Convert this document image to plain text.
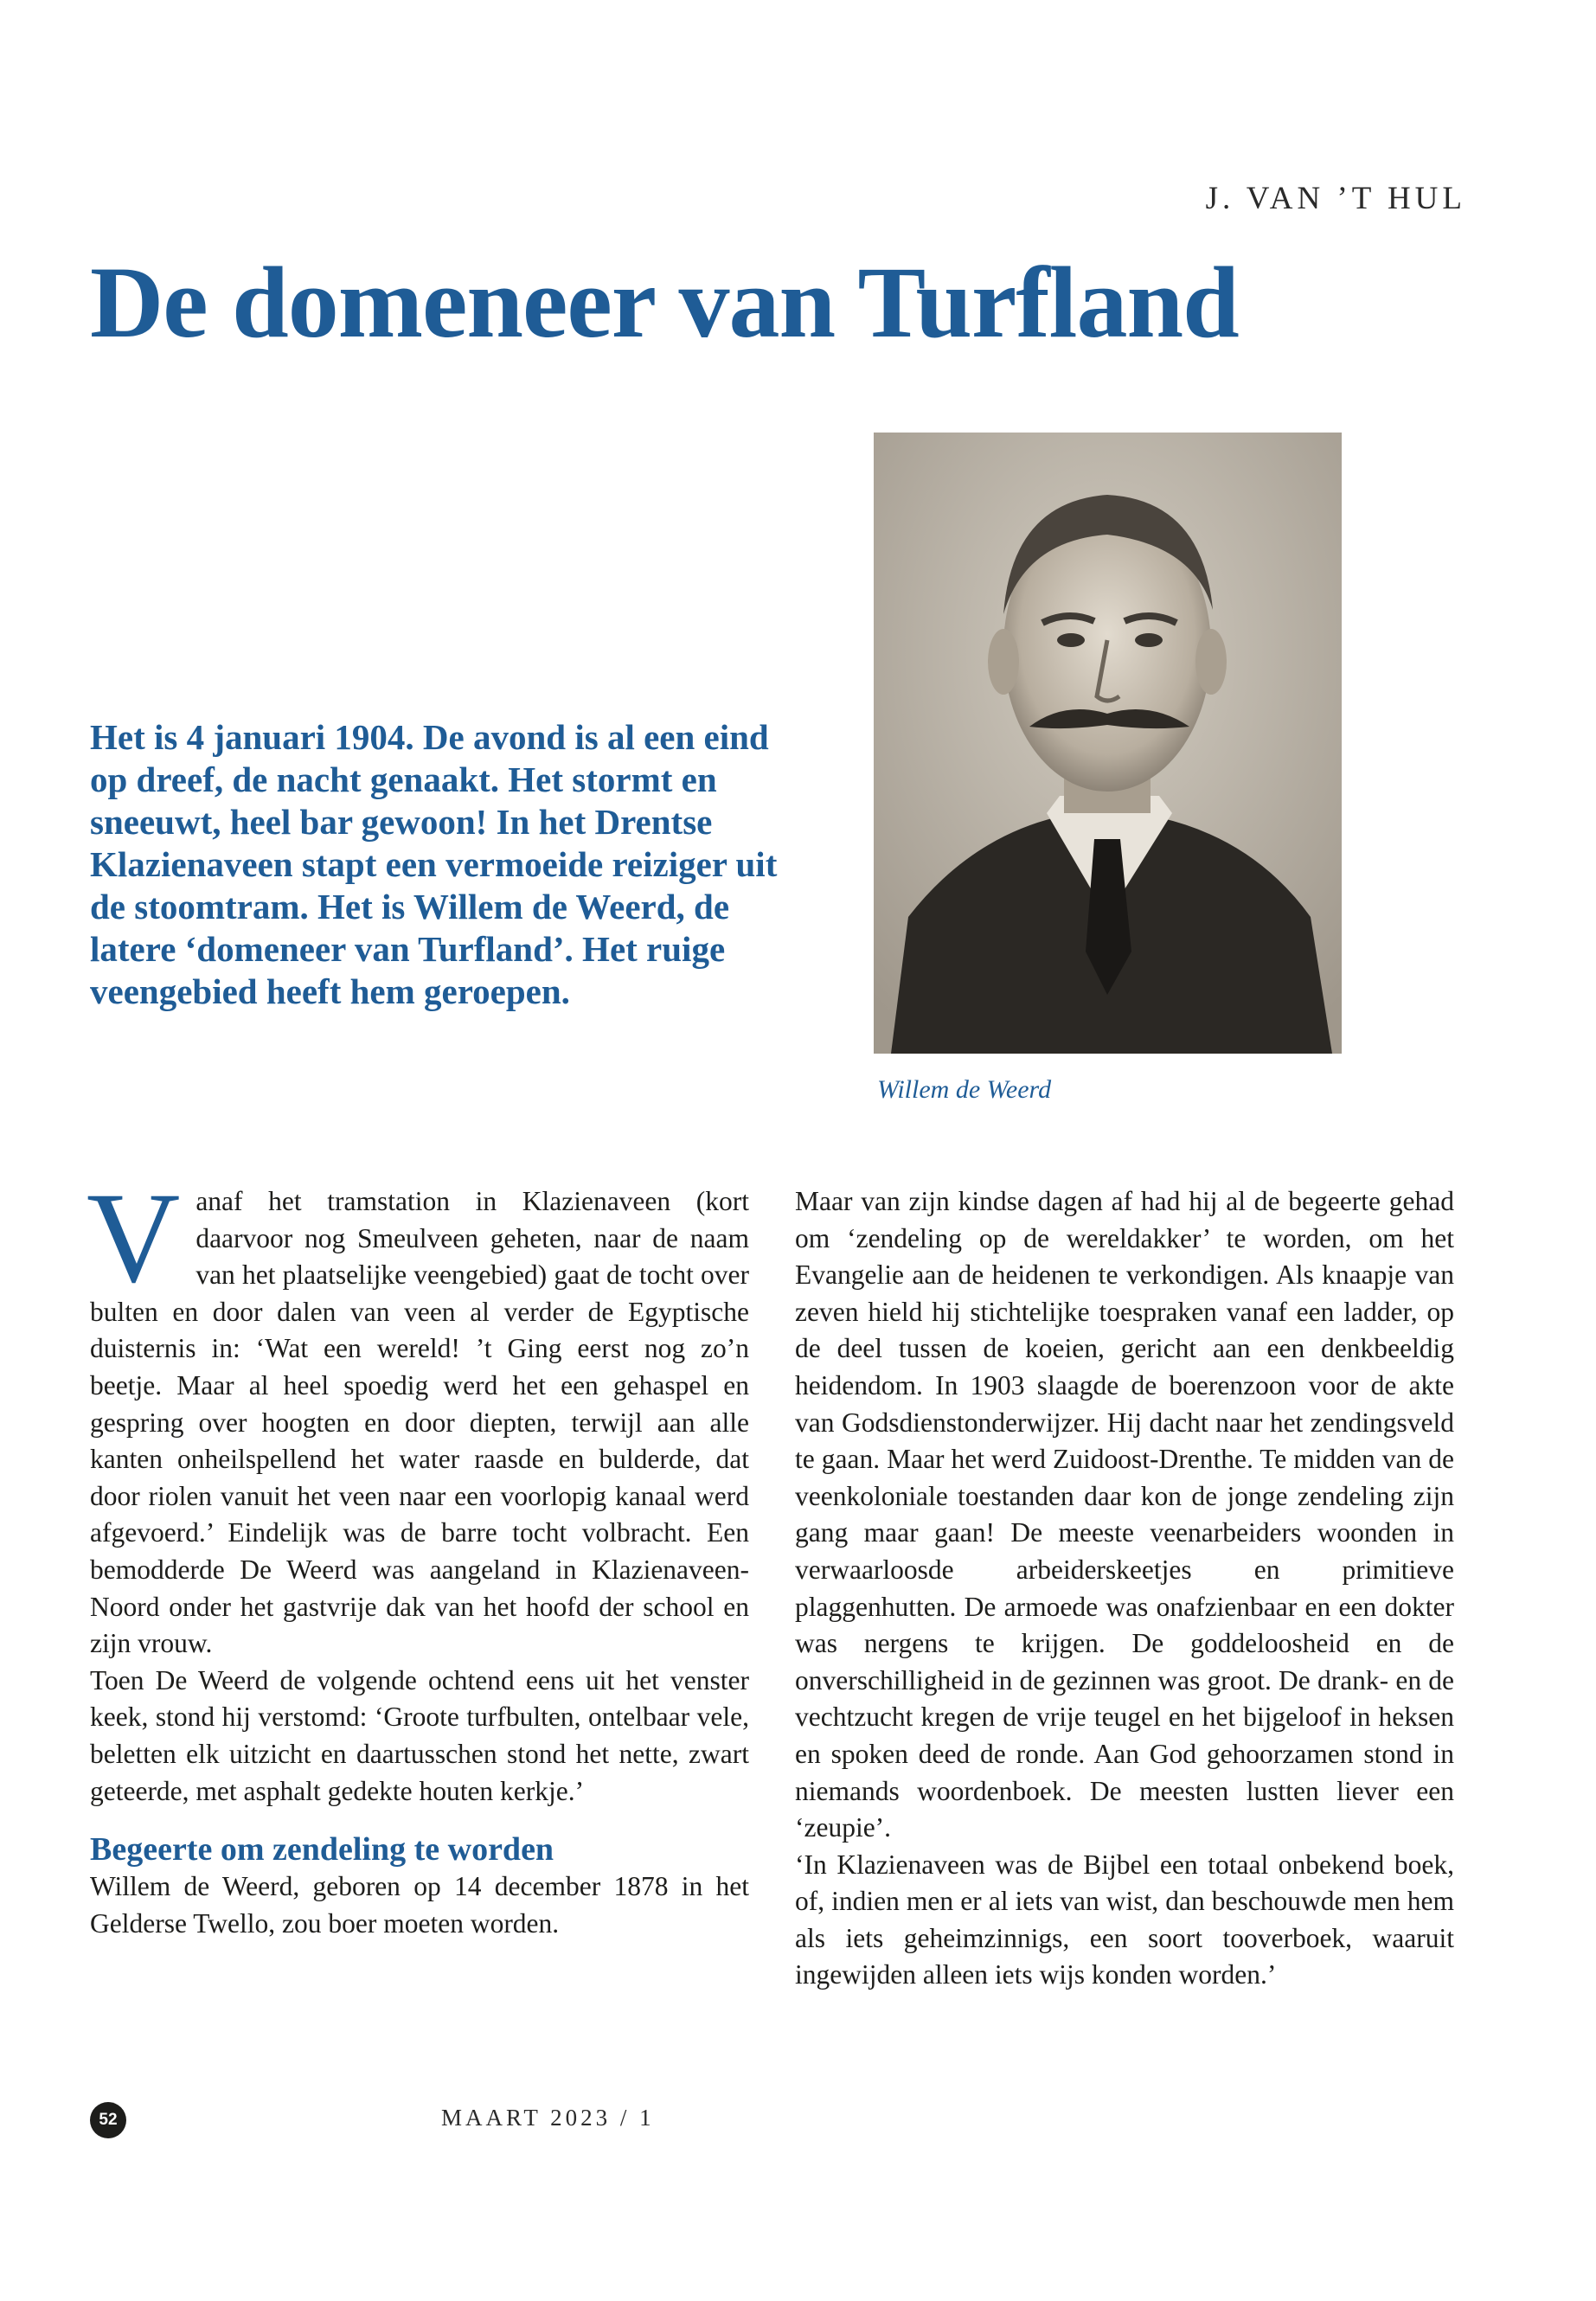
J. VAN ’T HUL
De domeneer van Turfland

Het is 4 januari 1904. De avond is al een eind op dreef, de nacht genaakt. Het stormt en sneeuwt, heel bar gewoon! In het Drentse Klazienaveen stapt een vermoeide reiziger uit de stoomtram. Het is Willem de Weerd, de latere ‘domeneer van Turfland’. Het ruige veengebied heeft hem geroepen.

Willem de Weerd

Vanaf het tramstation in Klazienaveen (kort daarvoor nog Smeulveen geheten, naar de naam van het plaatselijke veengebied) gaat de tocht over bulten en door dalen van veen al verder de Egyptische duisternis in: ‘Wat een wereld! ’t Ging eerst nog zo’n beetje. Maar al heel spoedig werd het een gehaspel en gespring over hoogten en door diepten, terwijl aan alle kanten onheilspellend het water raasde en bulderde, dat door riolen vanuit het veen naar een voorlopig kanaal werd afgevoerd.’ Eindelijk was de barre tocht volbracht. Een bemodderde De Weerd was aangeland in Klazienaveen-Noord onder het gastvrije dak van het hoofd der school en zijn vrouw.

Toen De Weerd de volgende ochtend eens uit het venster keek, stond hij verstomd: ‘Groote turfbulten, ontelbaar vele, beletten elk uitzicht en daartusschen stond het nette, zwart geteerde, met asphalt gedekte houten kerkje.’

Begeerte om zendeling te worden

Willem de Weerd, geboren op 14 december 1878 in het Gelderse Twello, zou boer moeten worden.

Maar van zijn kindse dagen af had hij al de begeerte gehad om ‘zendeling op de wereldakker’ te worden, om het Evangelie aan de heidenen te verkondigen. Als knaapje van zeven hield hij stichtelijke toespraken vanaf een ladder, op de deel tussen de koeien, gericht aan een denkbeeldig heidendom. In 1903 slaagde de boerenzoon voor de akte van Godsdienstonderwijzer. Hij dacht naar het zendingsveld te gaan. Maar het werd Zuidoost-Drenthe. Te midden van de veenkoloniale toestanden daar kon de jonge zendeling zijn gang maar gaan! De meeste veenarbeiders woonden in verwaarloosde arbeiderskeetjes en primitieve plaggenhutten. De armoede was onafzienbaar en een dokter was nergens te krijgen. De goddeloosheid en de onverschilligheid in de gezinnen was groot. De drank- en de vechtzucht kregen de vrije teugel en het bijgeloof in heksen en spoken deed de ronde. Aan God gehoorzamen stond in niemands woordenboek. De meesten lustten liever een ‘zeupie’.

‘In Klazienaveen was de Bijbel een totaal onbekend boek, of, indien men er al iets van wist, dan beschouwde men hem als iets geheimzinnigs, een soort tooverboek, waaruit ingewijden alleen iets wijs konden worden.’

52	MAART 2023 / 1
